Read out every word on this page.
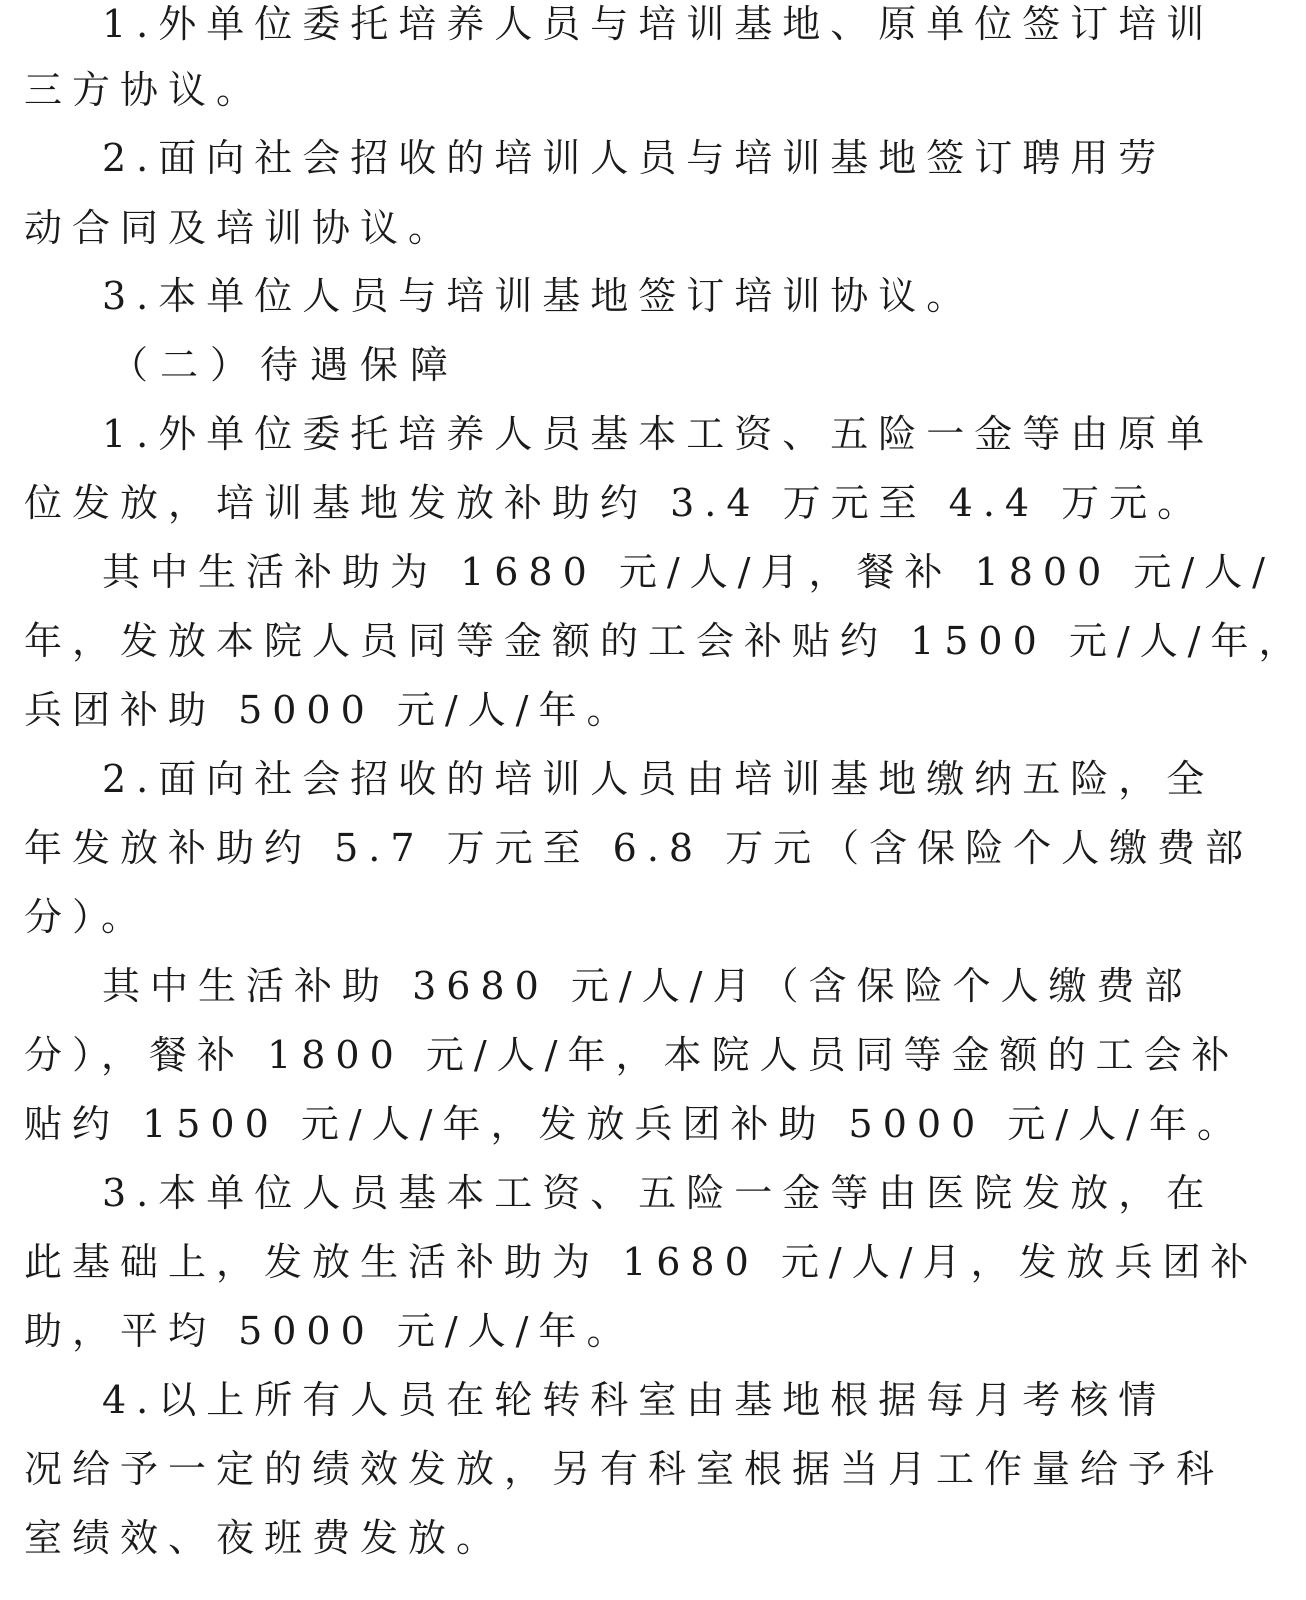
1.外单位委托培养人员与培训基地、原单位签订培训
三方协议。
2.面向社会招收的培训人员与培训基地签订聘用劳
动合同及培训协议。
3.本单位人员与培训基地签订培训协议。
（二）待遇保障
1.外单位委托培养人员基本工资、五险一金等由原单
位发放，培训基地发放补助约 3.4 万元至 4.4 万元。
其中生活补助为 1680 元/人/月，餐补 1800 元/人/
年，发放本院人员同等金额的工会补贴约 1500 元/人/年，
兵团补助 5000 元/人/年。
2.面向社会招收的培训人员由培训基地缴纳五险，全
年发放补助约 5.7 万元至 6.8 万元（含保险个人缴费部
分）。
其中生活补助 3680 元/人/月（含保险个人缴费部
分），餐补 1800 元/人/年，本院人员同等金额的工会补
贴约 1500 元/人/年，发放兵团补助 5000 元/人/年。
3.本单位人员基本工资、五险一金等由医院发放，在
此基础上，发放生活补助为 1680 元/人/月，发放兵团补
助，平均 5000 元/人/年。
4.以上所有人员在轮转科室由基地根据每月考核情
况给予一定的绩效发放，另有科室根据当月工作量给予科
室绩效、夜班费发放。
